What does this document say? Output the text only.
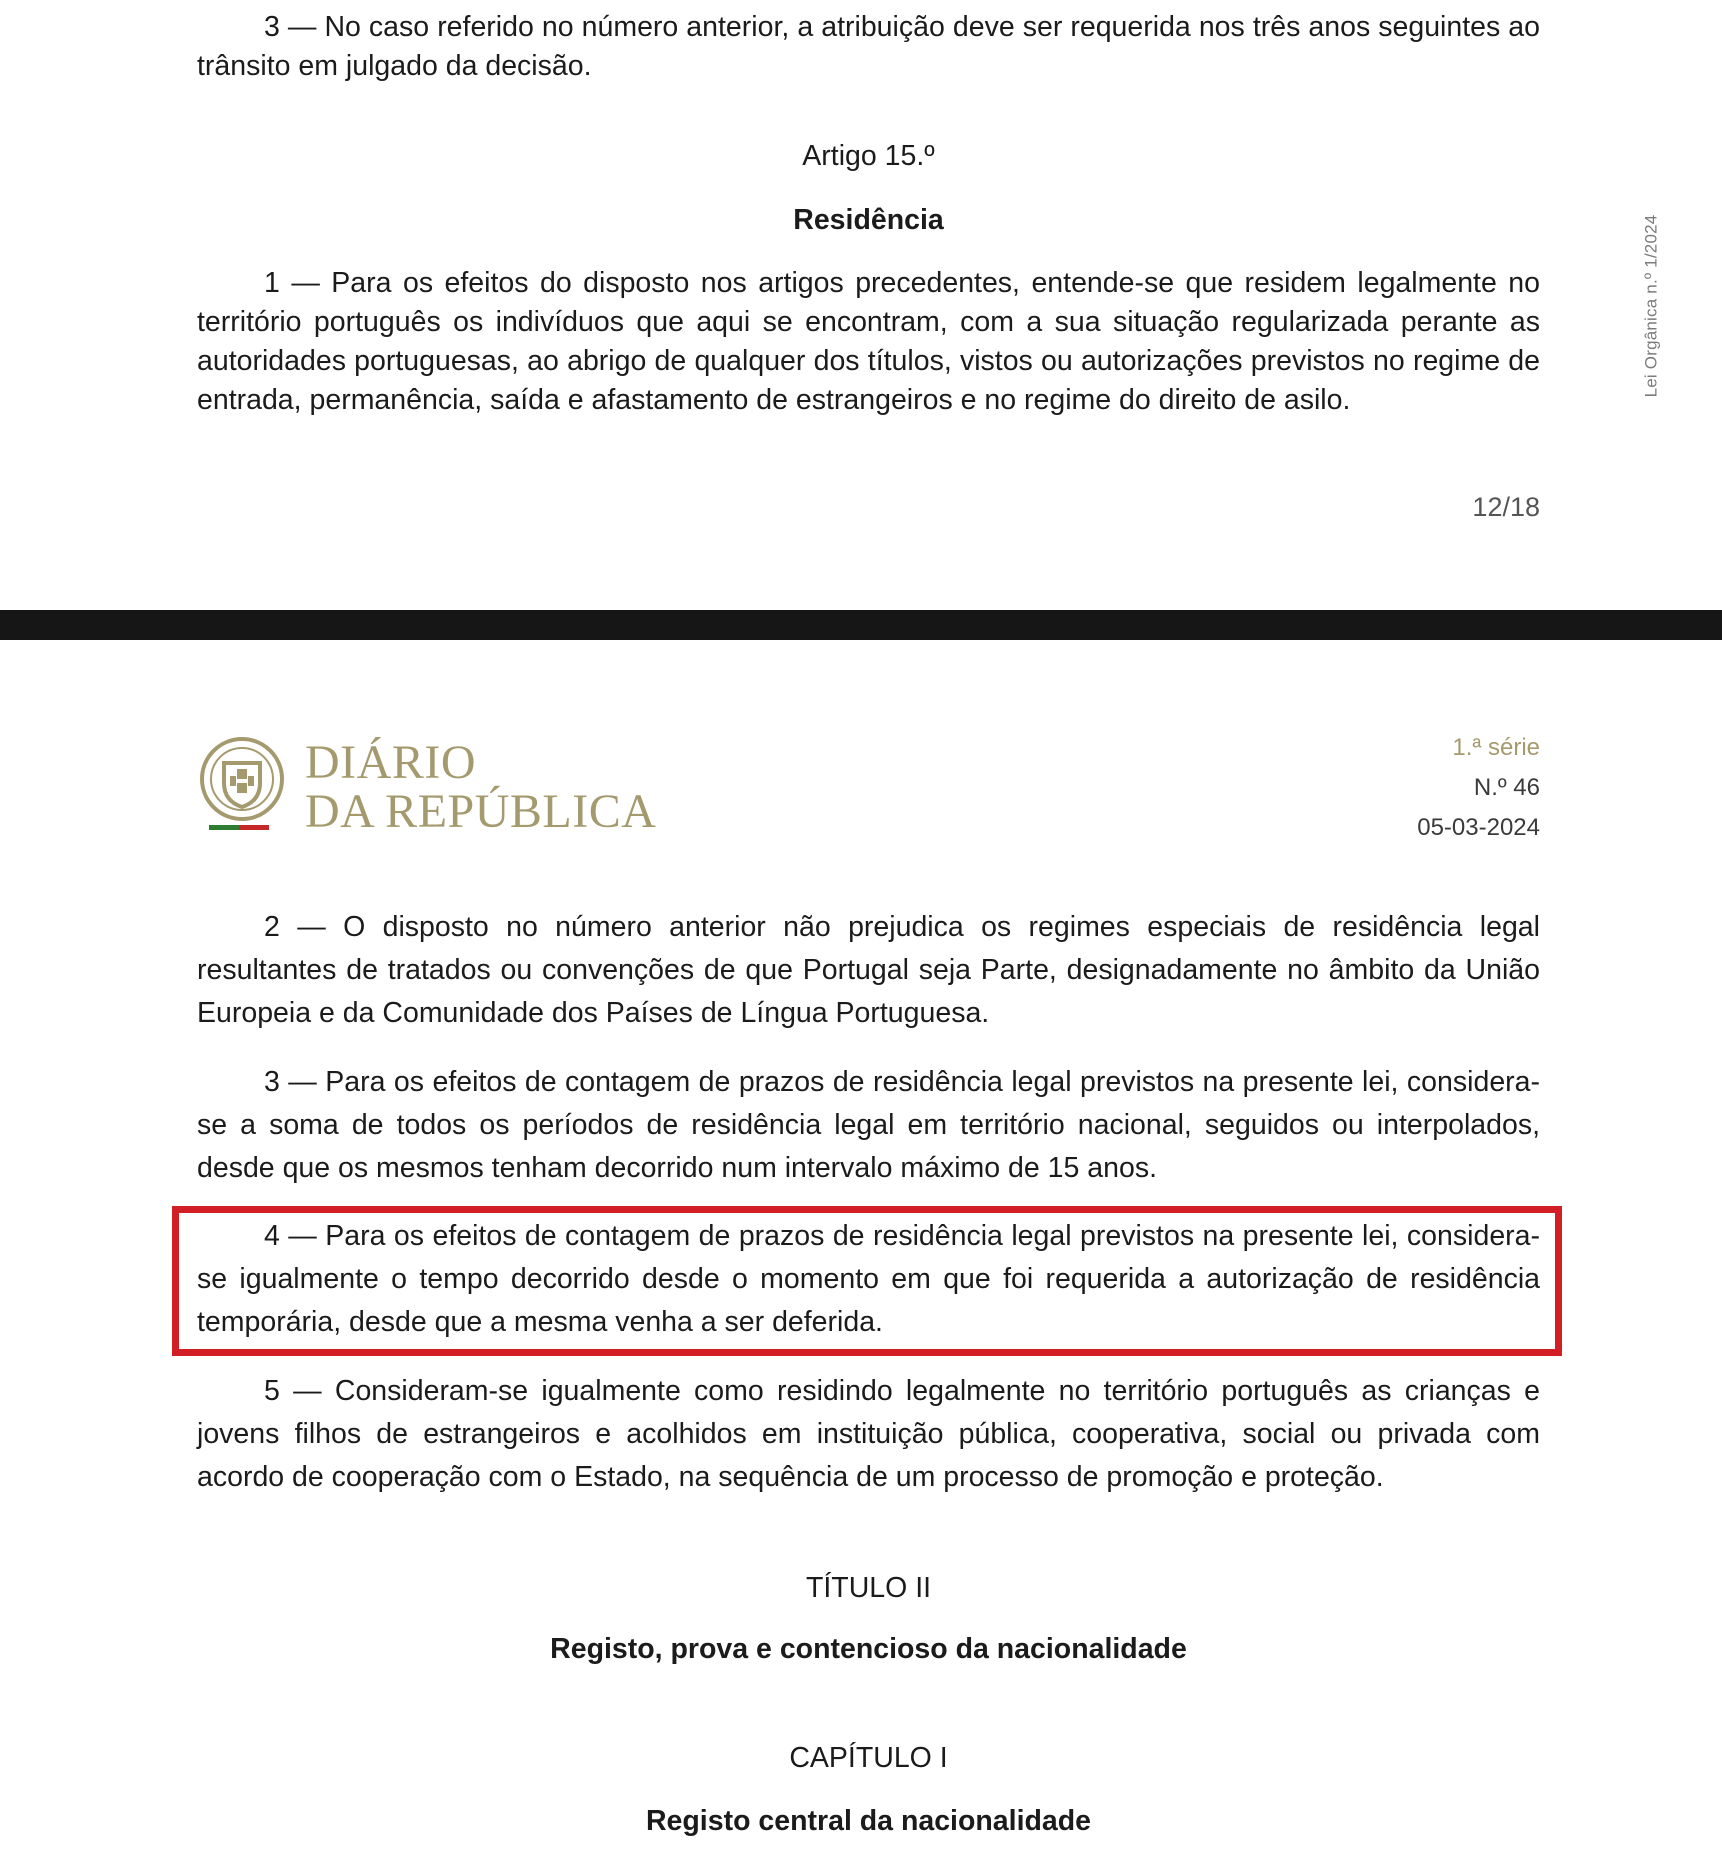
3 — No caso referido no número anterior, a atribuição deve ser requerida nos três anos seguintes ao trânsito em julgado da decisão.

Artigo 15.º
Residência

1 — Para os efeitos do disposto nos artigos precedentes, entende-se que residem legalmente no território português os indivíduos que aqui se encontram, com a sua situação regularizada perante as autoridades portuguesas, ao abrigo de qualquer dos títulos, vistos ou autorizações previstos no regime de entrada, permanência, saída e afastamento de estrangeiros e no regime do direito de asilo.

Lei Orgânica n.º 1/2024
12/18
DIÁRIO
DA REPÚBLICA
1.ª série
N.º 46
05-03-2024

2 — O disposto no número anterior não prejudica os regimes especiais de residência legal resultantes de tratados ou convenções de que Portugal seja Parte, designadamente no âmbito da União Europeia e da Comunidade dos Países de Língua Portuguesa.

3 — Para os efeitos de contagem de prazos de residência legal previstos na presente lei, considera-se a soma de todos os períodos de residência legal em território nacional, seguidos ou interpolados, desde que os mesmos tenham decorrido num intervalo máximo de 15 anos.

4 — Para os efeitos de contagem de prazos de residência legal previstos na presente lei, considera-se igualmente o tempo decorrido desde o momento em que foi requerida a autorização de residência temporária, desde que a mesma venha a ser deferida.

5 — Consideram-se igualmente como residindo legalmente no território português as crianças e jovens filhos de estrangeiros e acolhidos em instituição pública, cooperativa, social ou privada com acordo de cooperação com o Estado, na sequência de um processo de promoção e proteção.

TÍTULO II
Registo, prova e contencioso da nacionalidade
CAPÍTULO I
Registo central da nacionalidade
